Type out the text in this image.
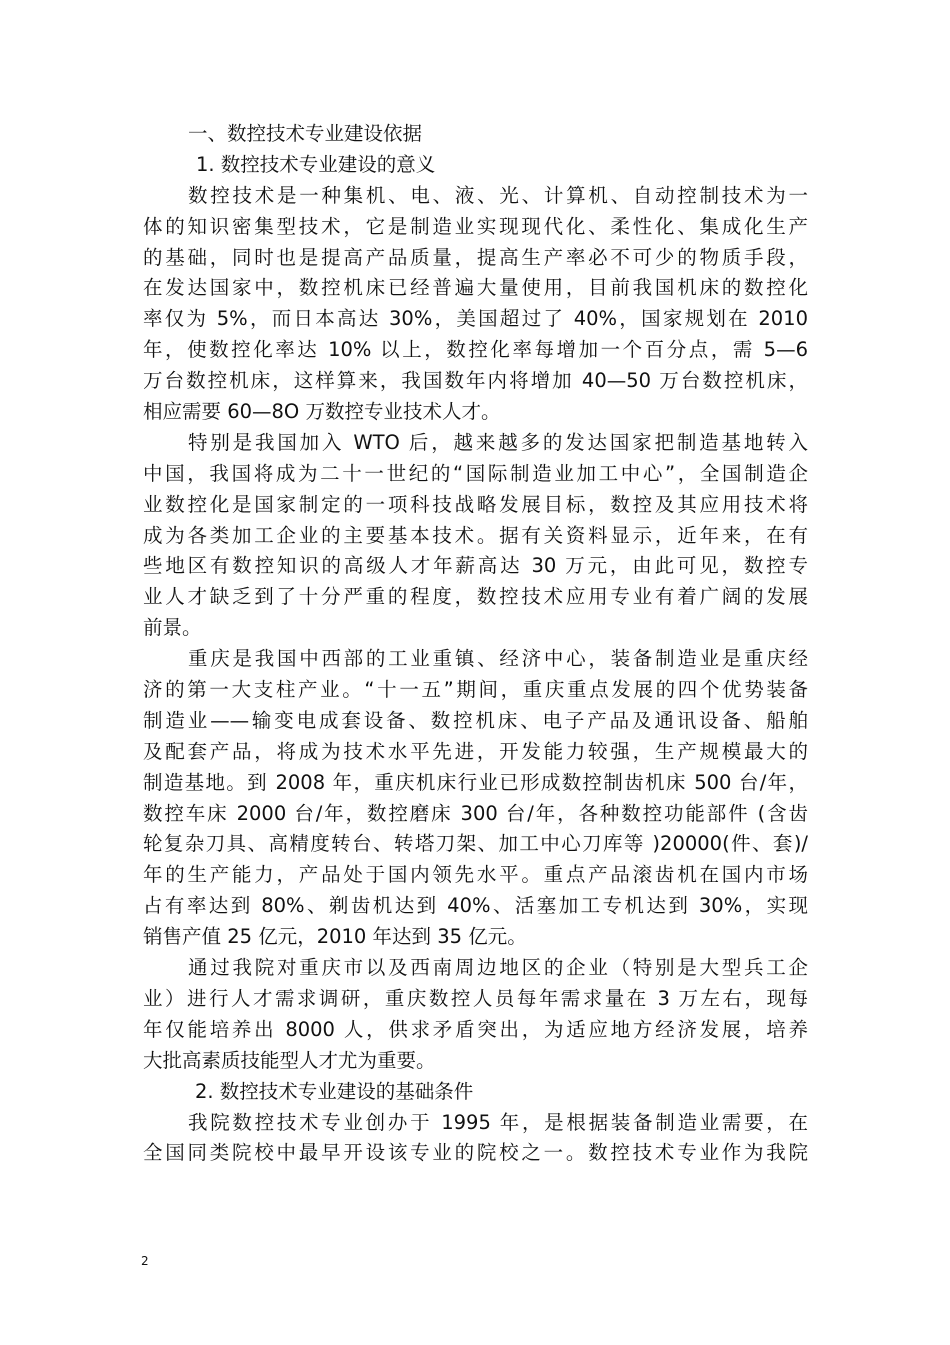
一、数控技术专业建设依据
1. 数控技术专业建设的意义
数控技术是一种集机、电、液、光、计算机、自动控制技术为一
体的知识密集型技术，它是制造业实现现代化、柔性化、集成化生产
的基础，同时也是提高产品质量，提高生产率必不可少的物质手段，
在发达国家中，数控机床已经普遍大量使用，目前我国机床的数控化
率仅为 5%，而日本高达 30%，美国超过了 40%，国家规划在 2010
年，使数控化率达 10% 以上，数控化率每增加一个百分点，需 5—6
万台数控机床，这样算来，我国数年内将增加 40—50 万台数控机床，
相应需要 60—8O 万数控专业技术人才。
特别是我国加入 WTO 后，越来越多的发达国家把制造基地转入
中国，我国将成为二十一世纪的“国际制造业加工中心”，全国制造企
业数控化是国家制定的一项科技战略发展目标，数控及其应用技术将
成为各类加工企业的主要基本技术。据有关资料显示，近年来，在有
些地区有数控知识的高级人才年薪高达 30 万元，由此可见，数控专
业人才缺乏到了十分严重的程度，数控技术应用专业有着广阔的发展
前景。
重庆是我国中西部的工业重镇、经济中心，装备制造业是重庆经
济的第一大支柱产业。“十一五”期间，重庆重点发展的四个优势装备
制造业——输变电成套设备、数控机床、电子产品及通讯设备、船舶
及配套产品，将成为技术水平先进，开发能力较强，生产规模最大的
制造基地。到 2008 年，重庆机床行业已形成数控制齿机床 500 台/年，
数控车床 2000 台/年，数控磨床 300 台/年，各种数控功能部件 (含齿
轮复杂刀具、高精度转台、转塔刀架、加工中心刀库等 )20000(件、套)/
年的生产能力，产品处于国内领先水平。重点产品滚齿机在国内市场
占有率达到 80%、剃齿机达到 40%、活塞加工专机达到 30%，实现
销售产值 25 亿元，2010 年达到 35 亿元。
通过我院对重庆市以及西南周边地区的企业（特别是大型兵工企
业）进行人才需求调研，重庆数控人员每年需求量在 3 万左右，现每
年仅能培养出 8000 人，供求矛盾突出，为适应地方经济发展，培养
大批高素质技能型人才尤为重要。
2. 数控技术专业建设的基础条件
我院数控技术专业创办于 1995 年，是根据装备制造业需要，在
全国同类院校中最早开设该专业的院校之一。数控技术专业作为我院
2
